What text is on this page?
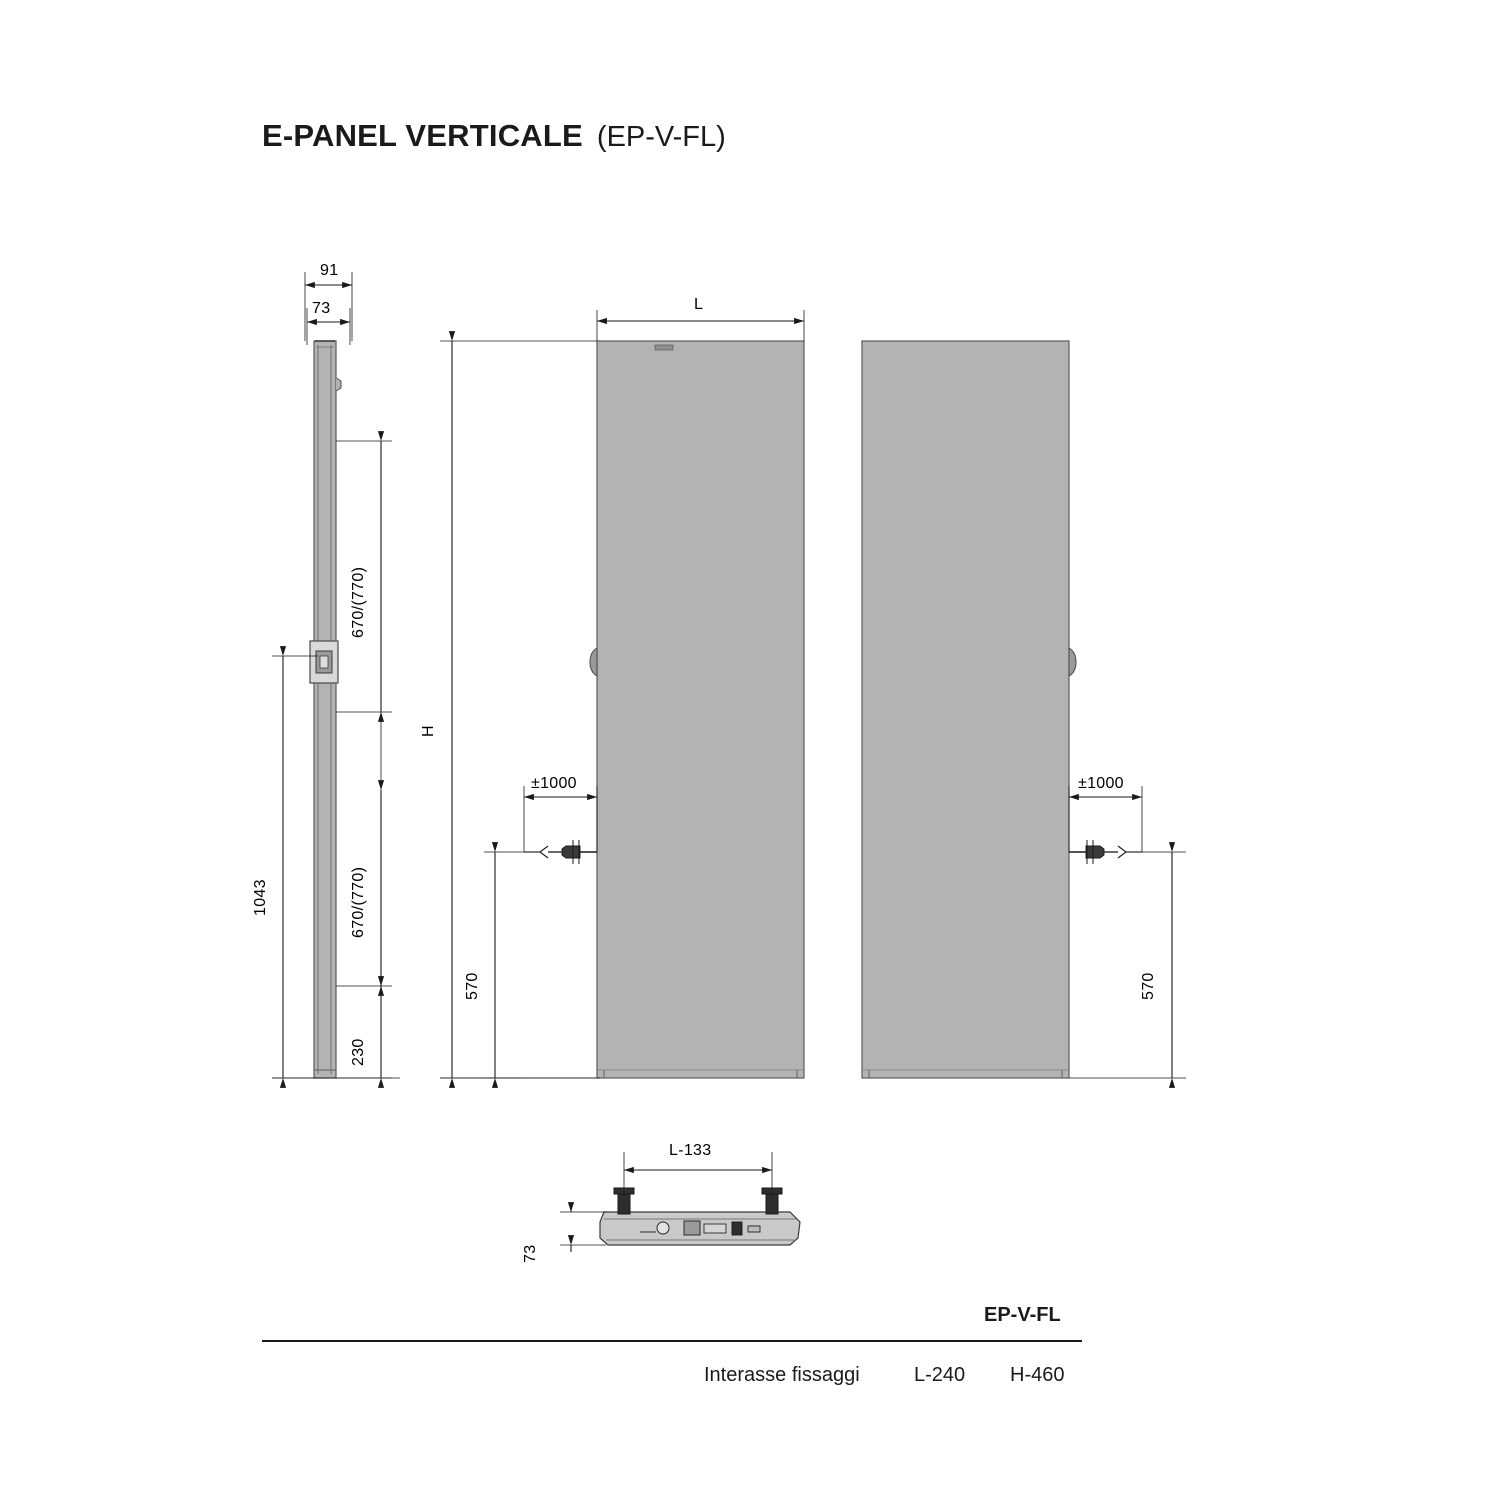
E-PANEL VERTICALE (EP-V-FL)
91
73
670/(770)
670/(770)
230
1043
L
H
±1000
570
±1000
570
L-133
73
EP-V-FL
Interasse fissaggi	L-240 H-460
